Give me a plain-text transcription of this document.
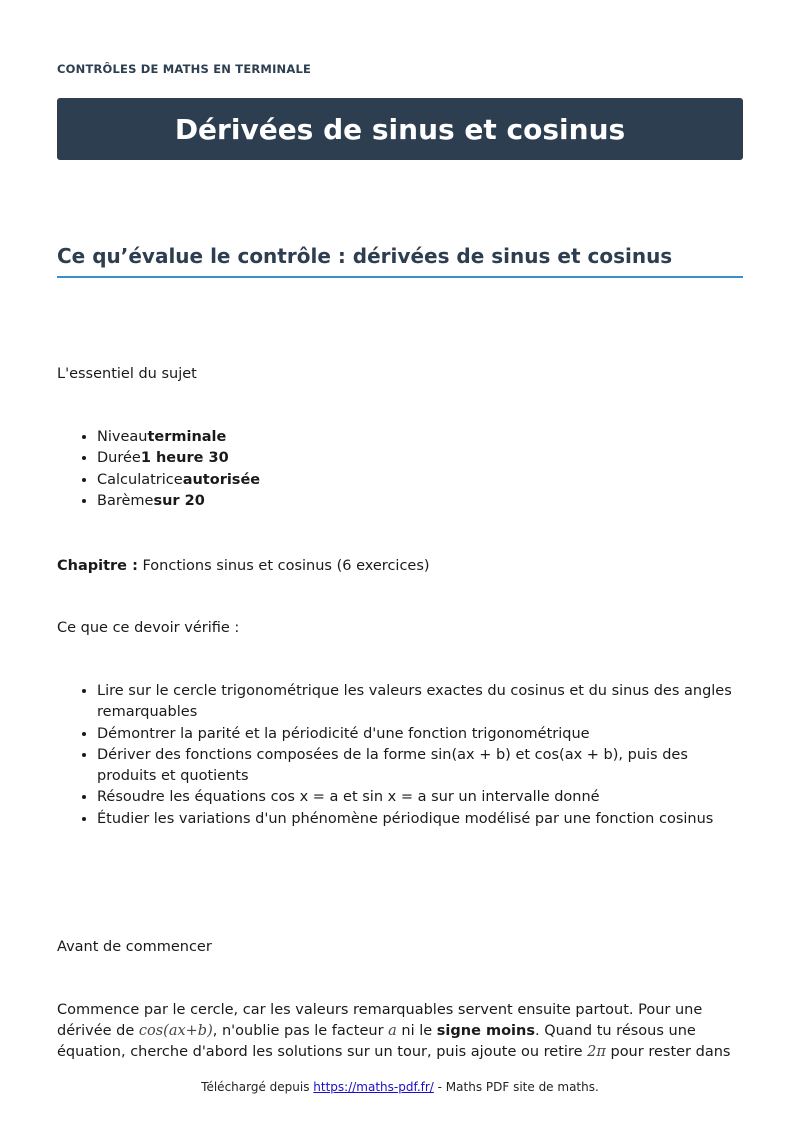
CONTRÔLES DE MATHS EN TERMINALE
Dérivées de sinus et cosinus
Ce qu’évalue le contrôle : dérivées de sinus et cosinus
L'essentiel du sujet
• Niveauterminale
• Durée1 heure 30
• Calculatriceautorisée
• Barèmesur 20
Chapitre : Fonctions sinus et cosinus (6 exercices)
Ce que ce devoir vérifie :
• Lire sur le cercle trigonométrique les valeurs exactes du cosinus et du sinus des angles remarquables
• Démontrer la parité et la périodicité d'une fonction trigonométrique
• Dériver des fonctions composées de la forme sin(ax + b) et cos(ax + b), puis des produits et quotients
• Résoudre les équations cos x = a et sin x = a sur un intervalle donné
• Étudier les variations d'un phénomène périodique modélisé par une fonction cosinus
Avant de commencer
Commence par le cercle, car les valeurs remarquables servent ensuite partout. Pour une dérivée de cos(ax+b), n'oublie pas le facteur a ni le signe moins. Quand tu résous une équation, cherche d'abord les solutions sur un tour, puis ajoute ou retire 2π pour rester dans
Téléchargé depuis https://maths-pdf.fr/ - Maths PDF site de maths.
